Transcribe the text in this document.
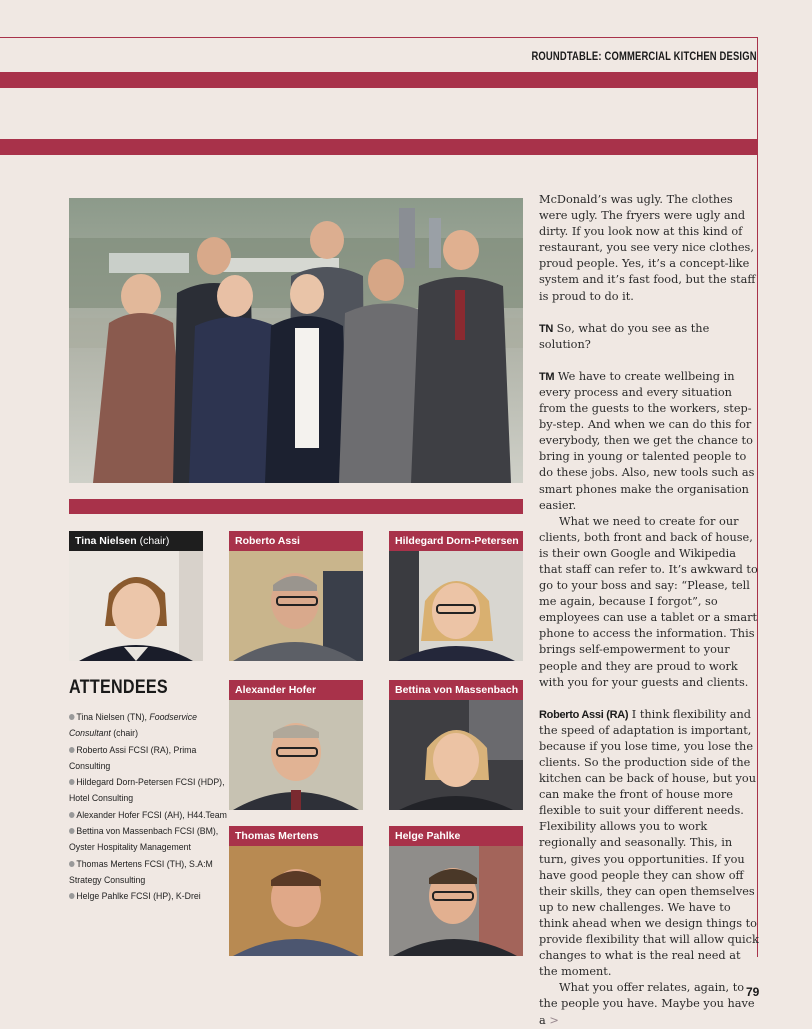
ROUNDTABLE: COMMERCIAL KITCHEN DESIGN
Tina Nielsen (chair)	Roberto Assi	Hildegard Dorn-Petersen
Alexander Hofer	Bettina von Massenbach
Thomas Mertens	Helge Pahlke
ATTENDEES
Tina Nielsen (TN), Foodservice Consultant (chair)
Roberto Assi FCSI (RA), Prima Consulting
Hildegard Dorn-Petersen FCSI (HDP), Hotel Consulting
Alexander Hofer FCSI (AH), H44.Team
Bettina von Massenbach FCSI (BM), Oyster Hospitality Management
Thomas Mertens FCSI (TH), S.A:M Strategy Consulting
Helge Pahlke FCSI (HP), K-Drei

McDonald’s was ugly. The clothes were ugly. The fryers were ugly and dirty. If you look now at this kind of restaurant, you see very nice clothes, proud people. Yes, it’s a concept-like system and it’s fast food, but the staff is proud to do it.

TN So, what do you see as the solution?

TM We have to create wellbeing in every process and every situation from the guests to the workers, step-by-step. And when we can do this for everybody, then we get the chance to bring in young or talented people to do these jobs. Also, new tools such as smart phones make the organisation easier.

What we need to create for our clients, both front and back of house, is their own Google and Wikipedia that staff can refer to. It’s awkward to go to your boss and say: “Please, tell me again, because I forgot”, so employees can use a tablet or a smart phone to access the information. This brings self-empowerment to your people and they are proud to work with you for your guests and clients.

Roberto Assi (RA) I think flexibility and the speed of adaptation is important, because if you lose time, you lose the clients. So the production side of the kitchen can be back of house, but you can make the front of house more flexible to suit your different needs. Flexibility allows you to work regionally and seasonally. This, in turn, gives you opportunities. If you have good people they can show off their skills, they can open themselves up to new challenges. We have to think ahead when we design things to provide flexibility that will allow quick changes to what is the real need at the moment.

What you offer relates, again, to the people you have. Maybe you have a >

79
